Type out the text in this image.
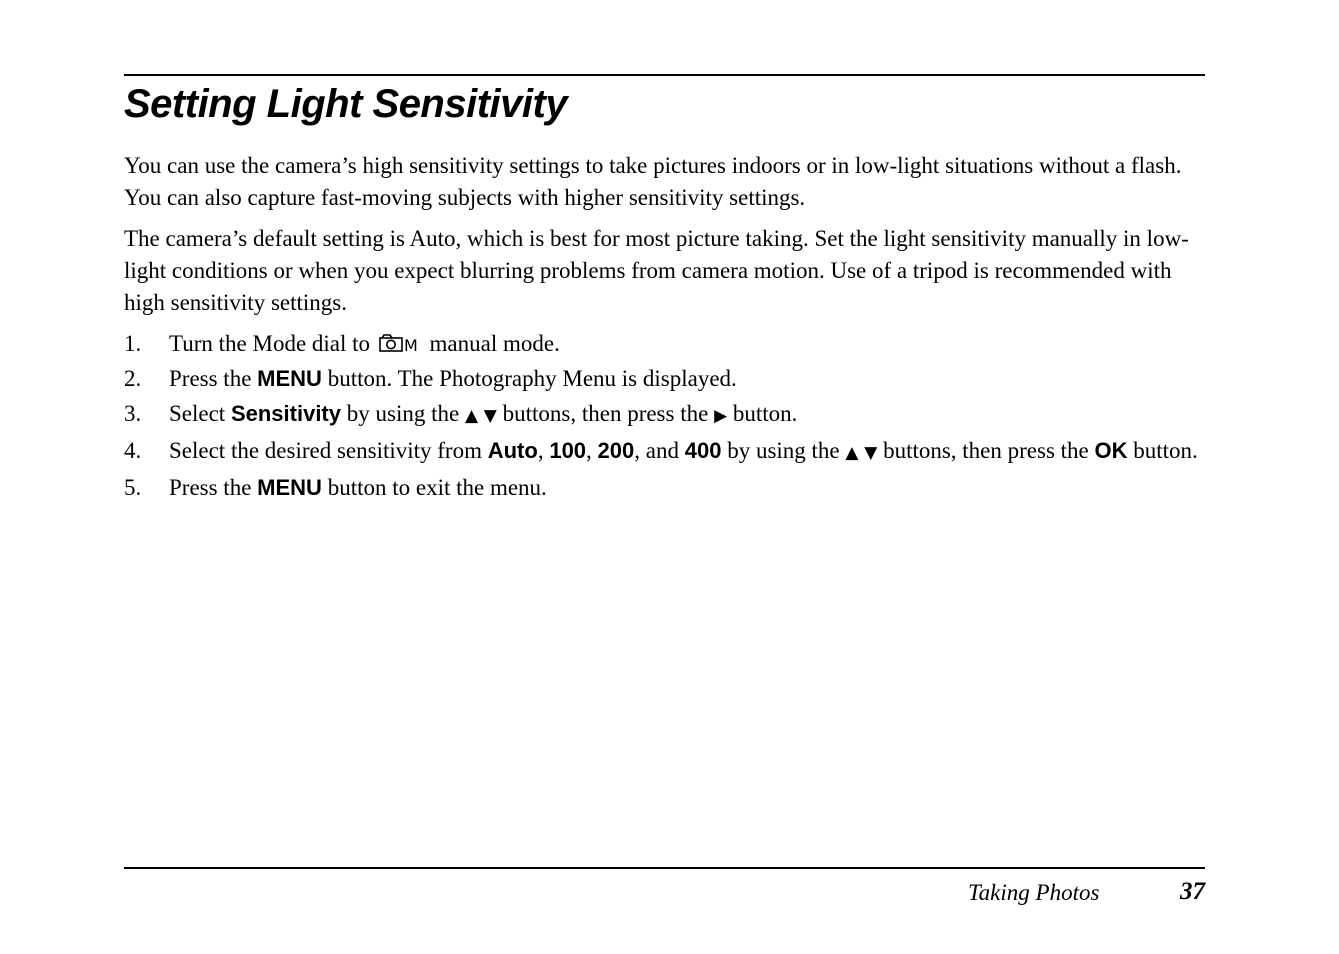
Setting Light Sensitivity

You can use the camera’s high sensitivity settings to take pictures indoors or in low-light situations without a flash. You can also capture fast-moving subjects with higher sensitivity settings.

The camera’s default setting is Auto, which is best for most picture taking. Set the light sensitivity manually in low-light conditions or when you expect blurring problems from camera motion. Use of a tripod is recommended with high sensitivity settings.

1. Turn the Mode dial to M manual mode.
2. Press the MENU button. The Photography Menu is displayed.
3. Select Sensitivity by using the ▲ ▼ buttons, then press the ▶ button.
4. Select the desired sensitivity from Auto, 100, 200, and 400 by using the ▲ ▼ buttons, then press the OK button.
5. Press the MENU button to exit the menu.
Taking Photos	37
